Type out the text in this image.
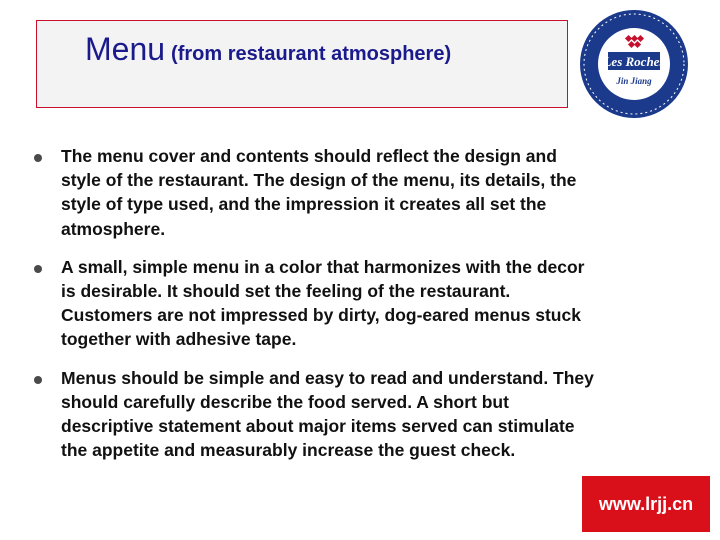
Menu (from restaurant atmosphere)	Les Roches
Jin Jiang
The menu cover and contents should reflect the design and style of the restaurant. The design of the menu, its details, the style of type used, and the impression it creates all set the atmosphere.
A small, simple menu in a color that harmonizes with the decor is desirable. It should set the feeling of the restaurant. Customers are not impressed by dirty, dog-eared menus stuck together with adhesive tape.
Menus should be simple and easy to read and understand. They should carefully describe the food served. A short but descriptive statement about major items served can stimulate the appetite and measurably increase the guest check.
www.lrjj.cn
